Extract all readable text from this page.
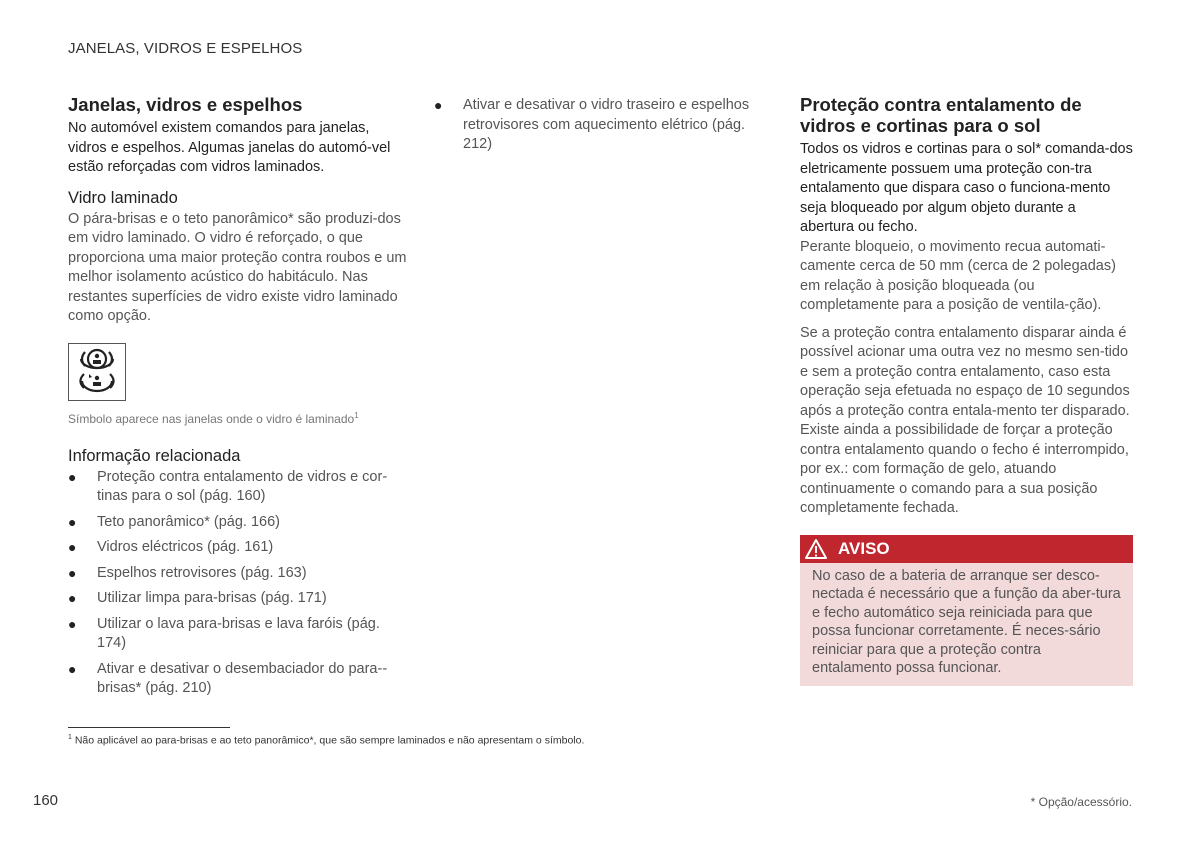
JANELAS, VIDROS E ESPELHOS
Janelas, vidros e espelhos

No automóvel existem comandos para janelas, vidros e espelhos. Algumas janelas do automó-vel estão reforçadas com vidros laminados.

Vidro laminado

O pára-brisas e o teto panorâmico* são produzi-dos em vidro laminado. O vidro é reforçado, o que proporciona uma maior proteção contra roubos e um melhor isolamento acústico do habitáculo. Nas restantes superfícies de vidro existe vidro laminado como opção.

Símbolo aparece nas janelas onde o vidro é laminado$^1$
Informação relacionada
● Proteção contra entalamento de vidros e cor-tinas para o sol (pág. 160)
● Teto panorâmico* (pág. 166)
● Vidros eléctricos (pág. 161)
● Espelhos retrovisores (pág. 163)
● Utilizar limpa para-brisas (pág. 171)
● Utilizar o lava para-brisas e lava faróis (pág. 174)
● Ativar e desativar o desembaciador do para--brisas* (pág. 210)
● Ativar e desativar o vidro traseiro e espelhos retrovisores com aquecimento elétrico (pág. 212)
Proteção contra entalamento de vidros e cortinas para o sol

Todos os vidros e cortinas para o sol* comanda-dos eletricamente possuem uma proteção con-tra entalamento que dispara caso o funciona-mento seja bloqueado por algum objeto durante a abertura ou fecho.

Perante bloqueio, o movimento recua automati-camente cerca de 50 mm (cerca de 2 polegadas) em relação à posição bloqueada (ou completamente para a posição de ventila-ção).

Se a proteção contra entalamento disparar ainda é possível acionar uma outra vez no mesmo sen-tido e sem a proteção contra entalamento, caso esta operação seja efetuada no espaço de 10 segundos após a proteção contra entala-mento ter disparado. Existe ainda a possibilidade de forçar a proteção contra entalamento quando o fecho é interrompido, por ex.: com formação de gelo, atuando continuamente o comando para a sua posição completamente fechada.

AVISO
No caso de a bateria de arranque ser desco-nectada é necessário que a função da aber-tura e fecho automático seja reiniciada para que possa funcionar corretamente. É neces-sário reiniciar para que a proteção contra entalamento possa funcionar.
$^1$ Não aplicável ao para-brisas e ao teto panorâmico*, que são sempre laminados e não apresentam o símbolo.
160	* Opção/acessório.
